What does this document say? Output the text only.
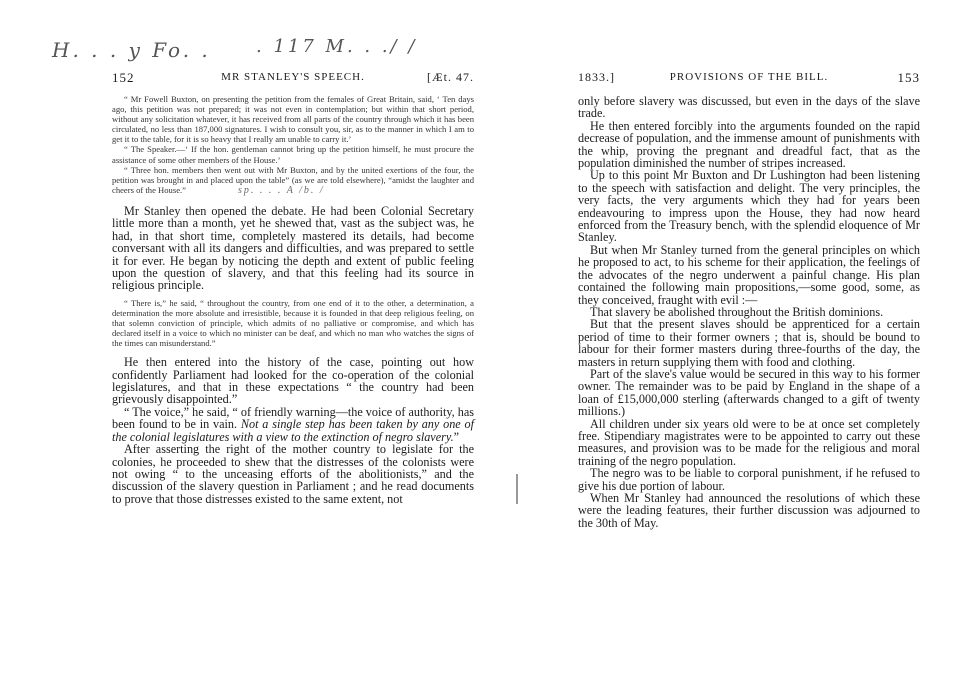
H. . . y Fo. .	. 117 M. . ./ /
152	MR STANLEY'S SPEECH.	[Æt. 47.

“ Mr Fowell Buxton, on presenting the petition from the females of Great Britain, said, ‘ Ten days ago, this petition was not prepared; it was not even in contemplation; but within that short period, without any solicitation whatever, it has received from all parts of the country through which it has been circulated, no less than 187,000 signatures. I wish to consult you, sir, as to the manner in which I am to get it to the table, for it is so heavy that I really am unable to carry it.’

“ The Speaker.—‘ If the hon. gentleman cannot bring up the petition himself, he must procure the assistance of some other members of the House.’

“ Three hon. members then went out with Mr Buxton, and by the united exertions of the four, the petition was brought in and placed upon the table” (as we are told elsewhere), “amidst the laughter and cheers of the House.”	sp. . . . A /b. /

Mr Stanley then opened the debate. He had been Colonial Secretary little more than a month, yet he shewed that, vast as the subject was, he had, in that short time, completely mastered its details, had become conversant with all its dangers and difficulties, and was prepared to settle it for ever. He began by noticing the depth and extent of public feeling upon the question of slavery, and that this feeling had its source in religious principle.

“ There is,” he said, “ throughout the country, from one end of it to the other, a determination, a determination the more absolute and irresistible, because it is founded in that deep religious feeling, on that solemn conviction of principle, which admits of no palliative or compromise, and which has declared itself in a voice to which no minister can be deaf, and which no man who watches the signs of the times can misunderstand.”

He then entered into the history of the case, pointing out how confidently Parliament had looked for the co-operation of the colonial legislatures, and that in these expectations “ the country had been grievously disappointed.”

“ The voice,” he said, “ of friendly warning—the voice of authority, has been found to be in vain. Not a single step has been taken by any one of the colonial legislatures with a view to the extinction of negro slavery.”

After asserting the right of the mother country to legislate for the colonies, he proceeded to shew that the distresses of the colonists were not owing “ to the unceasing efforts of the abolitionists,” and the discussion of the slavery question in Parliament ; and he read documents to prove that those distresses existed to the same extent, not

1833.]	PROVISIONS OF THE BILL.	153

only before slavery was discussed, but even in the days of the slave trade.

He then entered forcibly into the arguments founded on the rapid decrease of population, and the immense amount of punishments with the whip, proving the pregnant and dreadful fact, that as the population diminished the number of stripes increased.

Up to this point Mr Buxton and Dr Lushington had been listening to the speech with satisfaction and delight. The very principles, the very facts, the very arguments which they had for years been endeavouring to impress upon the House, they had now heard enforced from the Treasury bench, with the splendid eloquence of Mr Stanley.

But when Mr Stanley turned from the general principles on which he proposed to act, to his scheme for their application, the feelings of the advocates of the negro underwent a painful change. His plan contained the following main propositions,—some good, some, as they conceived, fraught with evil :—

That slavery be abolished throughout the British dominions.

But that the present slaves should be apprenticed for a certain period of time to their former owners ; that is, should be bound to labour for their former masters during three-fourths of the day, the masters in return supplying them with food and clothing.

Part of the slave's value would be secured in this way to his former owner. The remainder was to be paid by England in the shape of a loan of £15,000,000 sterling (afterwards changed to a gift of twenty millions.)

All children under six years old were to be at once set completely free. Stipendiary magistrates were to be appointed to carry out these measures, and provision was to be made for the religious and moral training of the negro population.

The negro was to be liable to corporal punishment, if he refused to give his due portion of labour.

When Mr Stanley had announced the resolutions of which these were the leading features, their further discussion was adjourned to the 30th of May.
